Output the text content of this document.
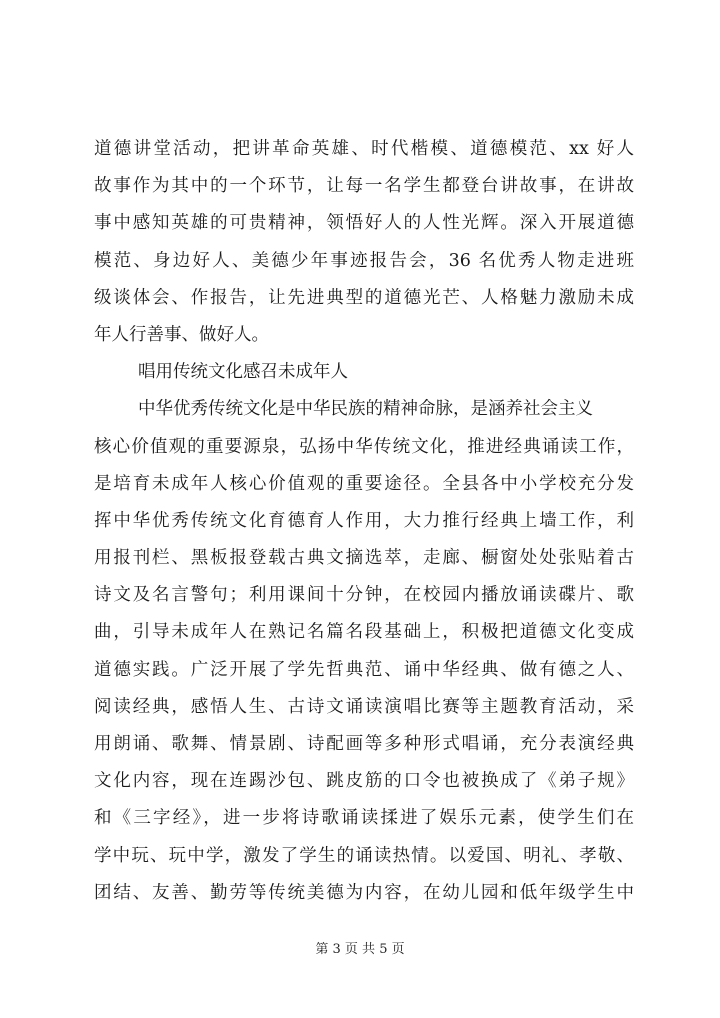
道德讲堂活动，把讲革命英雄、时代楷模、道德模范、xx 好人
故事作为其中的一个环节，让每一名学生都登台讲故事，在讲故
事中感知英雄的可贵精神，领悟好人的人性光辉。深入开展道德
模范、身边好人、美德少年事迹报告会，36 名优秀人物走进班
级谈体会、作报告，让先进典型的道德光芒、人格魅力激励未成
年人行善事、做好人。
唱用传统文化感召未成年人
中华优秀传统文化是中华民族的精神命脉，是涵养社会主义
核心价值观的重要源泉，弘扬中华传统文化，推进经典诵读工作，
是培育未成年人核心价值观的重要途径。全县各中小学校充分发
挥中华优秀传统文化育德育人作用，大力推行经典上墙工作，利
用报刊栏、黑板报登载古典文摘选萃，走廊、橱窗处处张贴着古
诗文及名言警句；利用课间十分钟，在校园内播放诵读碟片、歌
曲，引导未成年人在熟记名篇名段基础上，积极把道德文化变成
道德实践。广泛开展了学先哲典范、诵中华经典、做有德之人、
阅读经典，感悟人生、古诗文诵读演唱比赛等主题教育活动，采
用朗诵、歌舞、情景剧、诗配画等多种形式唱诵，充分表演经典
文化内容，现在连踢沙包、跳皮筋的口令也被换成了《弟子规》
和《三字经》，进一步将诗歌诵读揉进了娱乐元素，使学生们在
学中玩、玩中学，激发了学生的诵读热情。以爱国、明礼、孝敬、
团结、友善、勤劳等传统美德为内容，在幼儿园和低年级学生中
第 3 页 共 5 页
